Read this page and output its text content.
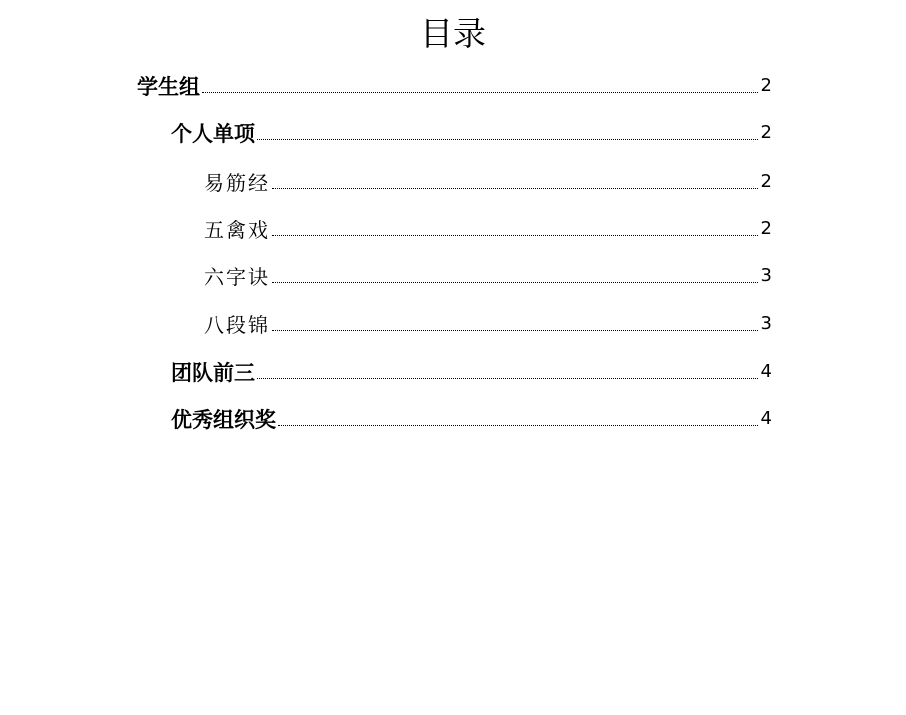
目录
学生组	2
个人单项	2
易筋经	2
五禽戏	2
六字诀	3
八段锦	3
团队前三	4
优秀组织奖	4
